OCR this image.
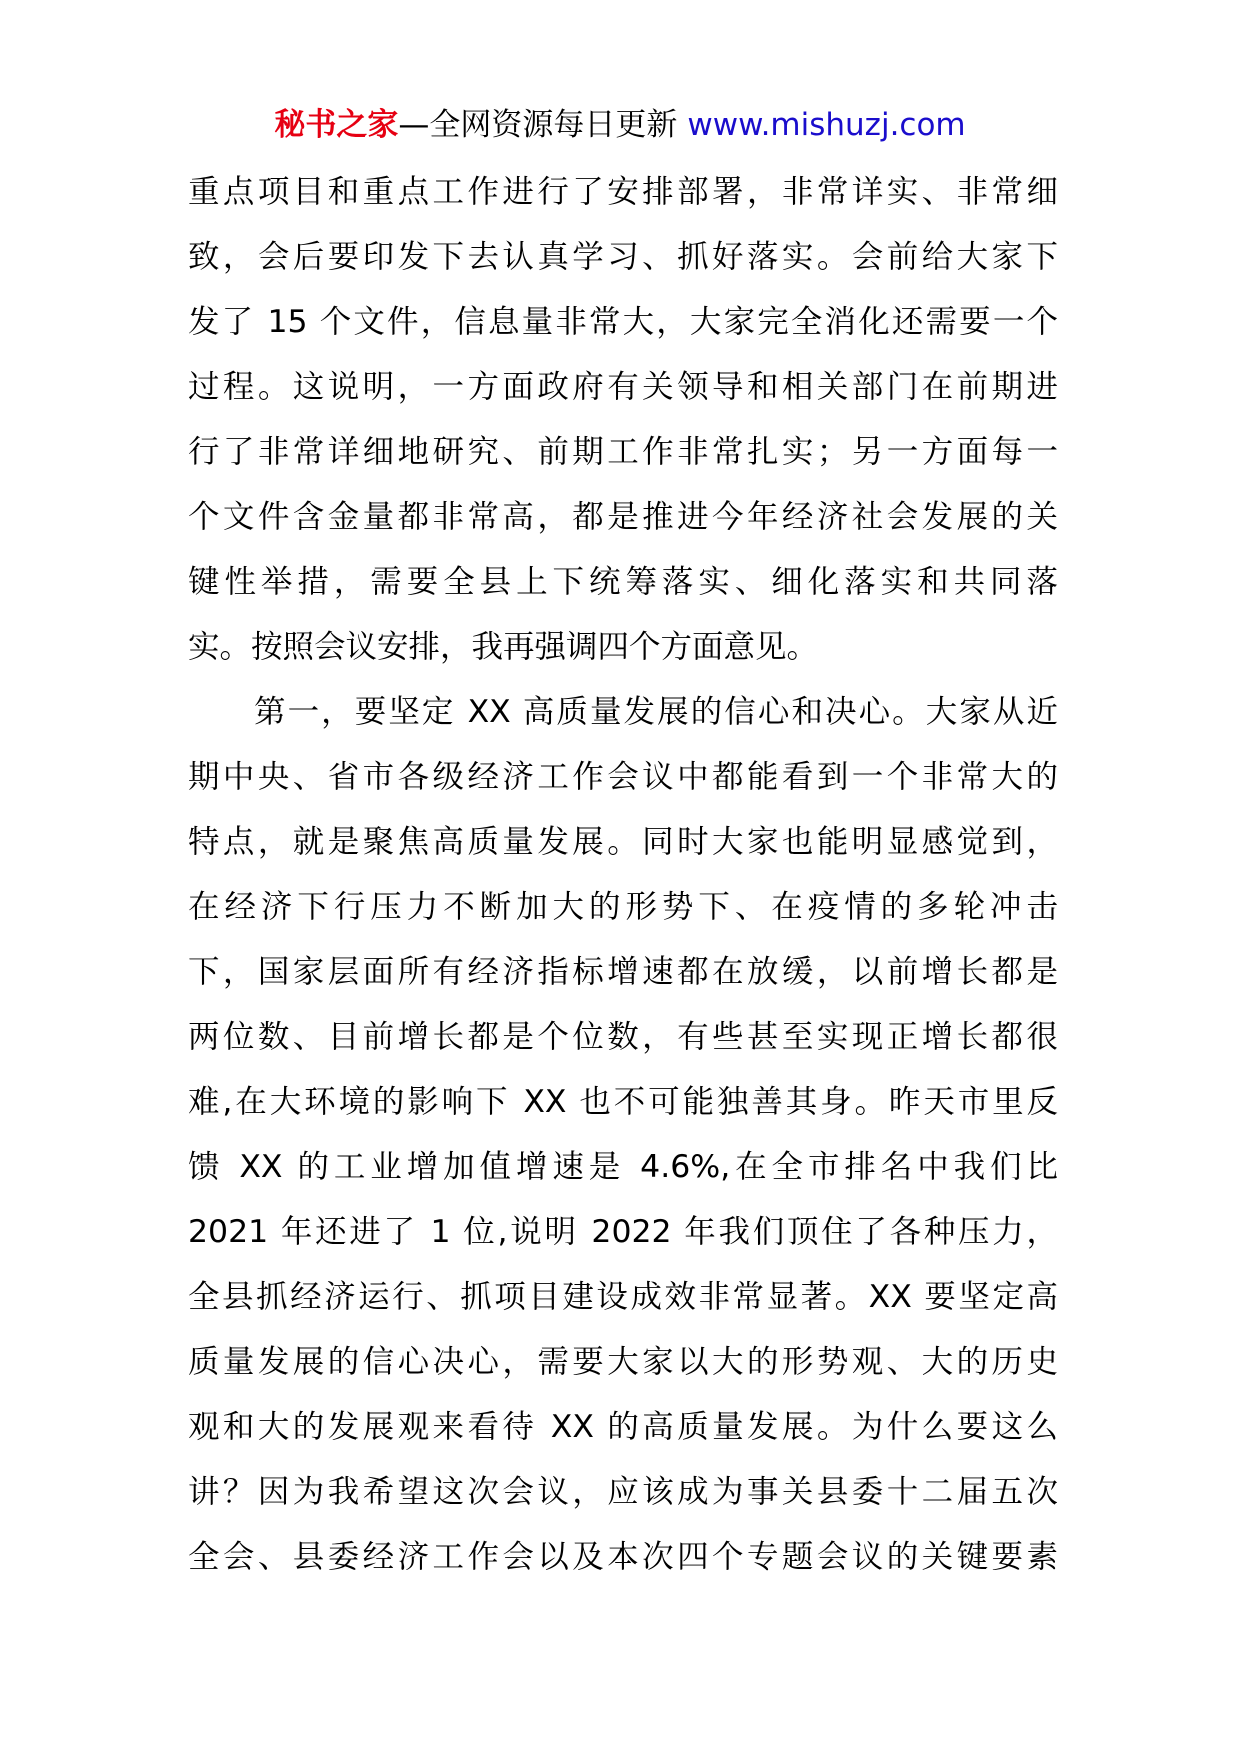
秘书之家—全网资源每日更新 www.mishuzj.com
重点项目和重点工作进行了安排部署，非常详实、非常细
致，会后要印发下去认真学习、抓好落实。会前给大家下
发了 15 个文件，信息量非常大，大家完全消化还需要一个
过程。这说明，一方面政府有关领导和相关部门在前期进
行了非常详细地研究、前期工作非常扎实；另一方面每一
个文件含金量都非常高，都是推进今年经济社会发展的关
键性举措，需要全县上下统筹落实、细化落实和共同落
实。按照会议安排，我再强调四个方面意见。
第一，要坚定 XX 高质量发展的信心和决心。大家从近
期中央、省市各级经济工作会议中都能看到一个非常大的
特点，就是聚焦高质量发展。同时大家也能明显感觉到，
在经济下行压力不断加大的形势下、在疫情的多轮冲击
下，国家层面所有经济指标增速都在放缓，以前增长都是
两位数、目前增长都是个位数，有些甚至实现正增长都很
难,在大环境的影响下 XX 也不可能独善其身。昨天市里反
馈 XX 的工业增加值增速是 4.6%,在全市排名中我们比
2021 年还进了 1 位,说明 2022 年我们顶住了各种压力，
全县抓经济运行、抓项目建设成效非常显著。XX 要坚定高
质量发展的信心决心，需要大家以大的形势观、大的历史
观和大的发展观来看待 XX 的高质量发展。为什么要这么
讲？因为我希望这次会议，应该成为事关县委十二届五次
全会、县委经济工作会以及本次四个专题会议的关键要素
